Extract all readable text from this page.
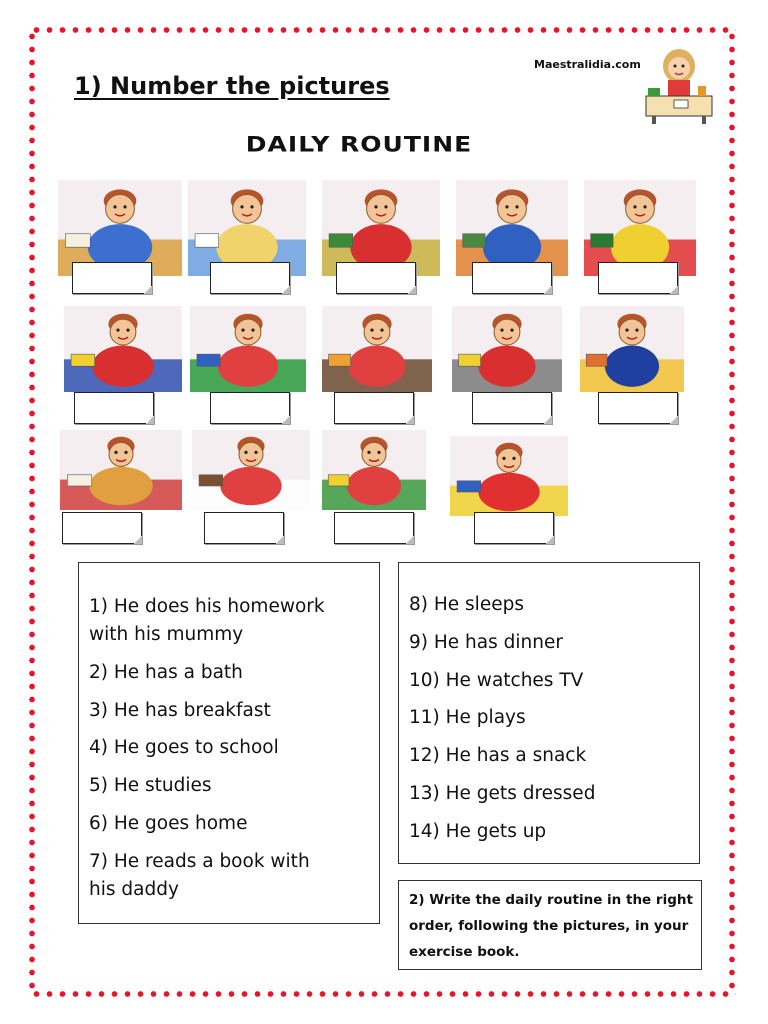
1) Number the pictures
Maestralidia.com
DAILY ROUTINE
1) He does his homework
with his mummy
2) He has a bath
3) He has breakfast
4) He goes to school
5) He studies
6) He goes home
7) He reads a book with
his daddy
8) He sleeps
9) He has dinner
10) He watches TV
11) He plays
12) He has a snack
13) He gets dressed
14) He gets up
2) Write the daily routine in the right order, following the pictures, in your exercise book.
